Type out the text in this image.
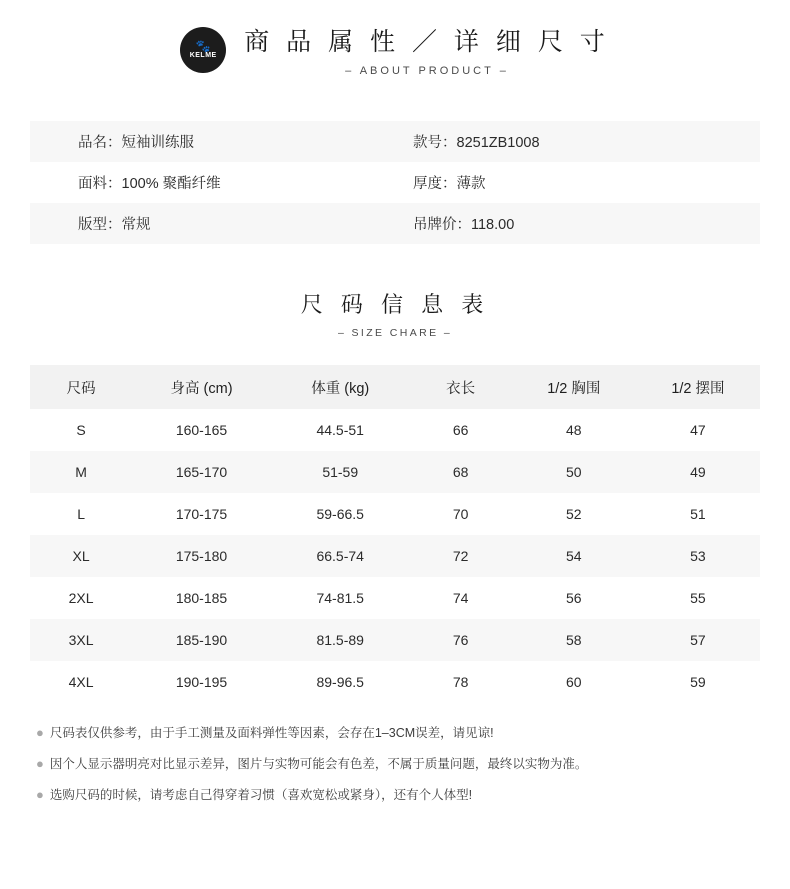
🐾
KELME 商 品 属 性 ／ 详 细 尺 寸
– ABOUT PRODUCT –
品名：短袖训练服	款号：8251ZB1008
面料：100% 聚酯纤维	厚度：薄款
版型：常规	吊牌价：118.00
尺 码 信 息 表
– SIZE CHARE –
尺码	身高 (cm)	体重 (kg)	衣长	1/2 胸围	1/2 摆围
S	160-165	44.5-51	66	48	47
M	165-170	51-59	68	50	49
L	170-175	59-66.5	70	52	51
XL	175-180	66.5-74	72	54	53
2XL	180-185	74-81.5	74	56	55
3XL	185-190	81.5-89	76	58	57
4XL	190-195	89-96.5	78	60	59
● 尺码表仅供参考，由于手工测量及面料弹性等因素，会存在1–3CM误差，请见谅!
● 因个人显示器明亮对比显示差异，图片与实物可能会有色差，不属于质量问题，最终以实物为准。
● 选购尺码的时候，请考虑自己得穿着习惯（喜欢宽松或紧身），还有个人体型!
